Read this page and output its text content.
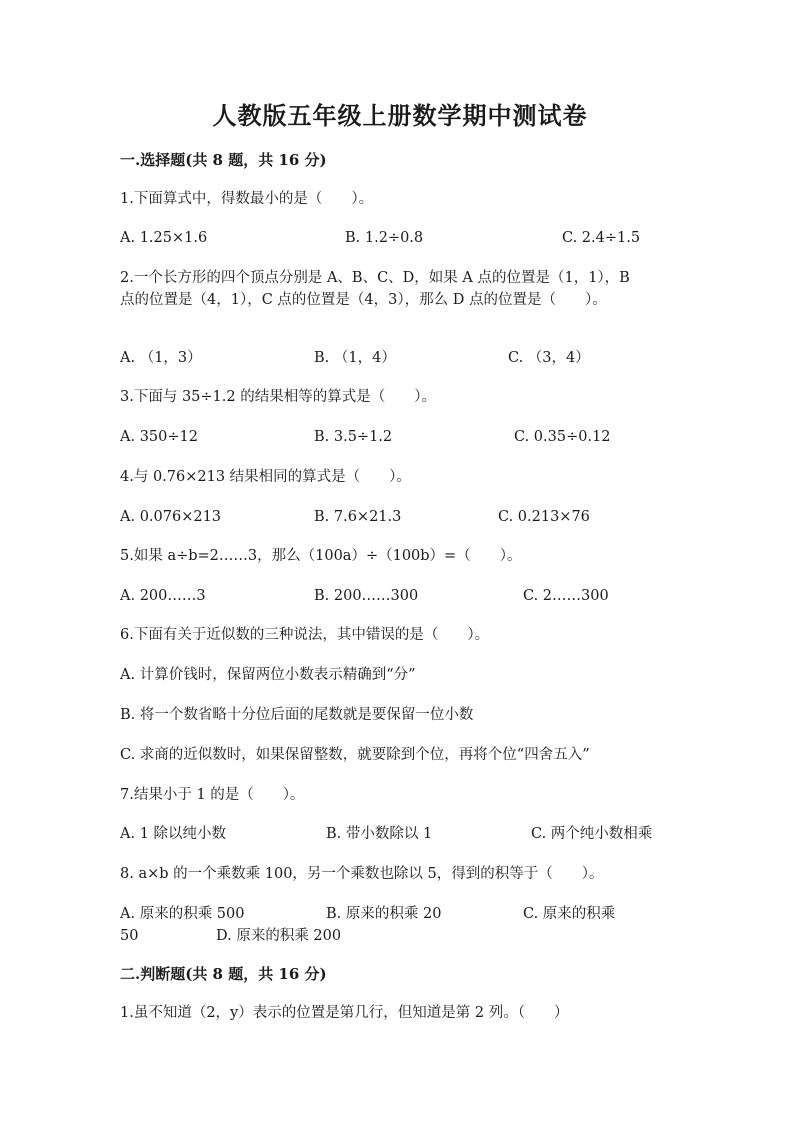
人教版五年级上册数学期中测试卷
一.选择题(共 8 题，共 16 分)
1.下面算式中，得数最小的是（　　）。
A. 1.25×1.6	B. 1.2÷0.8	C. 2.4÷1.5
2.一个长方形的四个顶点分别是 A、B、C、D，如果 A 点的位置是（1，1），B
点的位置是（4，1），C 点的位置是（4，3），那么 D 点的位置是（　　）。
A. （1，3）	B. （1，4）	C. （3，4）
3.下面与 35÷1.2 的结果相等的算式是（　　）。
A. 350÷12	B. 3.5÷1.2	C. 0.35÷0.12
4.与 0.76×213 结果相同的算式是（　　）。
A. 0.076×213	B. 7.6×21.3	C. 0.213×76
5.如果 a÷b=2……3，那么（100a）÷（100b）=（　　）。
A. 200……3	B. 200……300	C. 2……300
6.下面有关于近似数的三种说法，其中错误的是（　　）。
A. 计算价钱时，保留两位小数表示精确到“分”
B. 将一个数省略十分位后面的尾数就是要保留一位小数
C. 求商的近似数时，如果保留整数，就要除到个位，再将个位“四舍五入”
7.结果小于 1 的是（　　）。
A. 1 除以纯小数	B. 带小数除以 1	C. 两个纯小数相乘
8. a×b 的一个乘数乘 100，另一个乘数也除以 5，得到的积等于（　　）。
A. 原来的积乘 500	B. 原来的积乘 20	C. 原来的积乘
50	D. 原来的积乘 200
二.判断题(共 8 题，共 16 分)
1.虽不知道（2，y）表示的位置是第几行，但知道是第 2 列。（　　）
